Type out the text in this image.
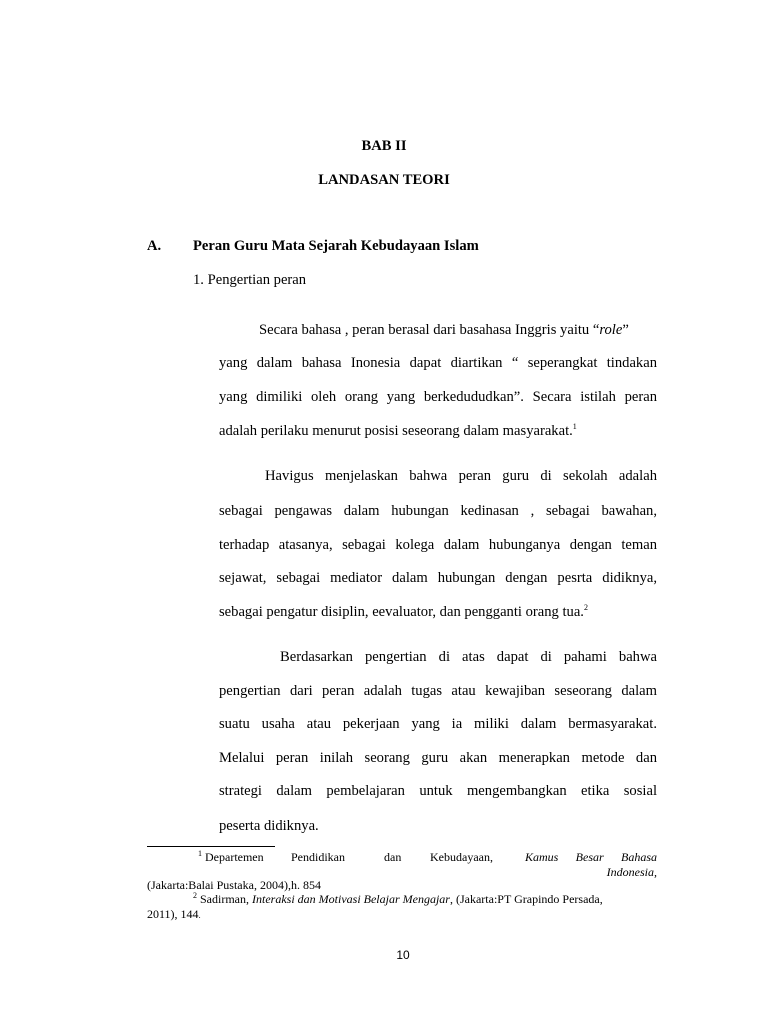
BAB II
LANDASAN TEORI
A. Peran Guru Mata Sejarah Kebudayaan Islam
1. Pengertian peran
Secara bahasa , peran berasal dari basahasa Inggris yaitu “role”
yang dalam bahasa Inonesia dapat diartikan “ seperangkat tindakan
yang dimiliki oleh orang yang berkedududkan”. Secara istilah peran
adalah perilaku menurut posisi seseorang dalam masyarakat.$^1$
Havigus menjelaskan bahwa peran guru di sekolah adalah
sebagai pengawas dalam hubungan kedinasan , sebagai bawahan,
terhadap atasanya, sebagai kolega dalam hubunganya dengan teman
sejawat, sebagai mediator dalam hubungan dengan pesrta didiknya,
sebagai pengatur disiplin, eevaluator, dan pengganti orang tua.$^2$
Berdasarkan pengertian di atas dapat di pahami bahwa
pengertian dari peran adalah tugas atau kewajiban seseorang dalam
suatu usaha atau pekerjaan yang ia miliki dalam bermasyarakat.
Melalui peran inilah seorang guru akan menerapkan metode dan
strategi dalam pembelajaran untuk mengembangkan etika sosial
peserta didiknya.
$^1$ Departemen Pendidikan	dan Kebudayaan,	Kamus Besar Bahasa
Indonesia,
(Jakarta:Balai Pustaka, 2004),h. 854
$^2$ Sadirman, Interaksi dan Motivasi Belajar Mengajar, (Jakarta:PT Grapindo Persada,
2011), 144.
10
